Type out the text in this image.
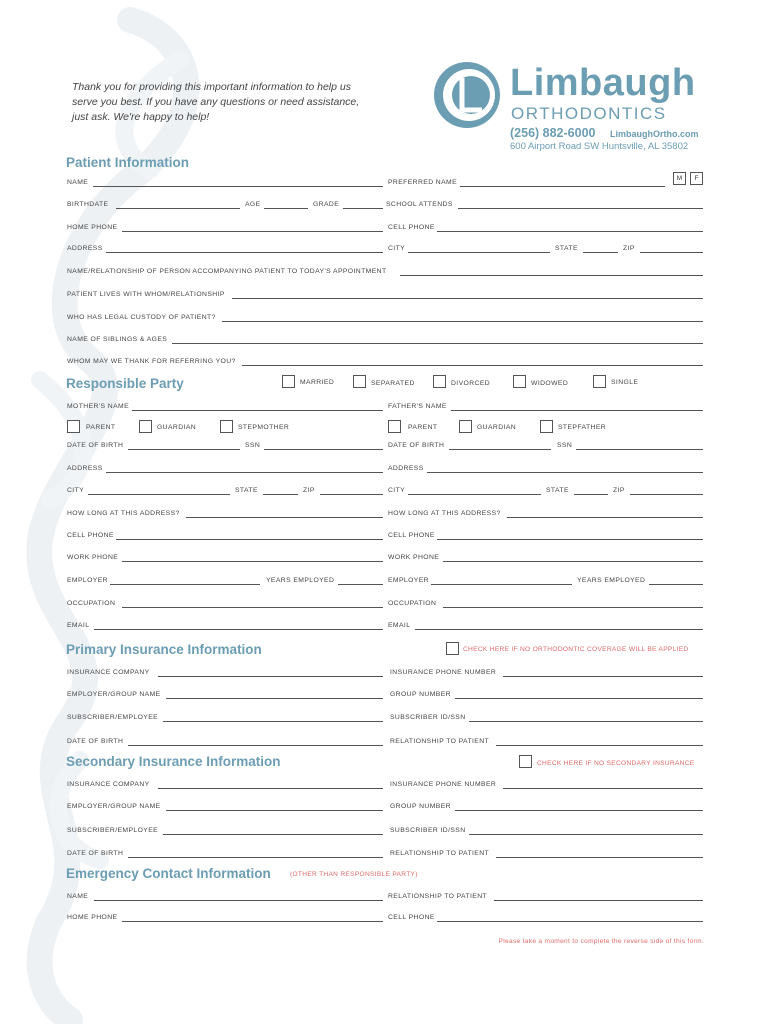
Thank you for providing this important information to help us serve you best. If you have any questions or need assistance, just ask. We're happy to help!
Limbaugh
ORTHODONTICS
(256) 882-6000 LimbaughOrtho.com
600 Airport Road SW Huntsville, AL 35802
Patient Information
NAME	PREFERRED NAME
M	F
BIRTHDATE	AGE	GRADE	SCHOOL ATTENDS
HOME PHONE	CELL PHONE
ADDRESS	CITY	STATE	ZIP
NAME/RELATIONSHIP OF PERSON ACCOMPANYING PATIENT TO TODAY'S APPOINTMENT
PATIENT LIVES WITH WHOM/RELATIONSHIP
WHO HAS LEGAL CUSTODY OF PATIENT?
NAME OF SIBLINGS & AGES
WHOM MAY WE THANK FOR REFERRING YOU?
Responsible Party	MARRIED	SEPARATED	DIVORCED	WIDOWED	SINGLE
MOTHER'S NAME	FATHER'S NAME
PARENT	GUARDIAN	STEPMOTHER	PARENT	GUARDIAN	STEPFATHER
DATE OF BIRTH	SSN	DATE OF BIRTH	SSN
ADDRESS	ADDRESS
CITY	STATE	ZIP	CITY	STATE	ZIP
HOW LONG AT THIS ADDRESS?	HOW LONG AT THIS ADDRESS?
CELL PHONE	CELL PHONE
WORK PHONE	WORK PHONE
EMPLOYER	YEARS EMPLOYED	EMPLOYER	YEARS EMPLOYED
OCCUPATION	OCCUPATION
EMAIL	EMAIL
Primary Insurance Information	CHECK HERE IF NO ORTHODONTIC COVERAGE WILL BE APPLIED
INSURANCE COMPANY	INSURANCE PHONE NUMBER
EMPLOYER/GROUP NAME	GROUP NUMBER
SUBSCRIBER/EMPLOYEE	SUBSCRIBER ID/SSN
DATE OF BIRTH	RELATIONSHIP TO PATIENT
Secondary Insurance Information	CHECK HERE IF NO SECONDARY INSURANCE
INSURANCE COMPANY	INSURANCE PHONE NUMBER
EMPLOYER/GROUP NAME	GROUP NUMBER
SUBSCRIBER/EMPLOYEE	SUBSCRIBER ID/SSN
DATE OF BIRTH	RELATIONSHIP TO PATIENT
Emergency Contact Information	(OTHER THAN RESPONSIBLE PARTY)
NAME	RELATIONSHIP TO PATIENT
HOME PHONE	CELL PHONE
Please take a moment to complete the reverse side of this form.
